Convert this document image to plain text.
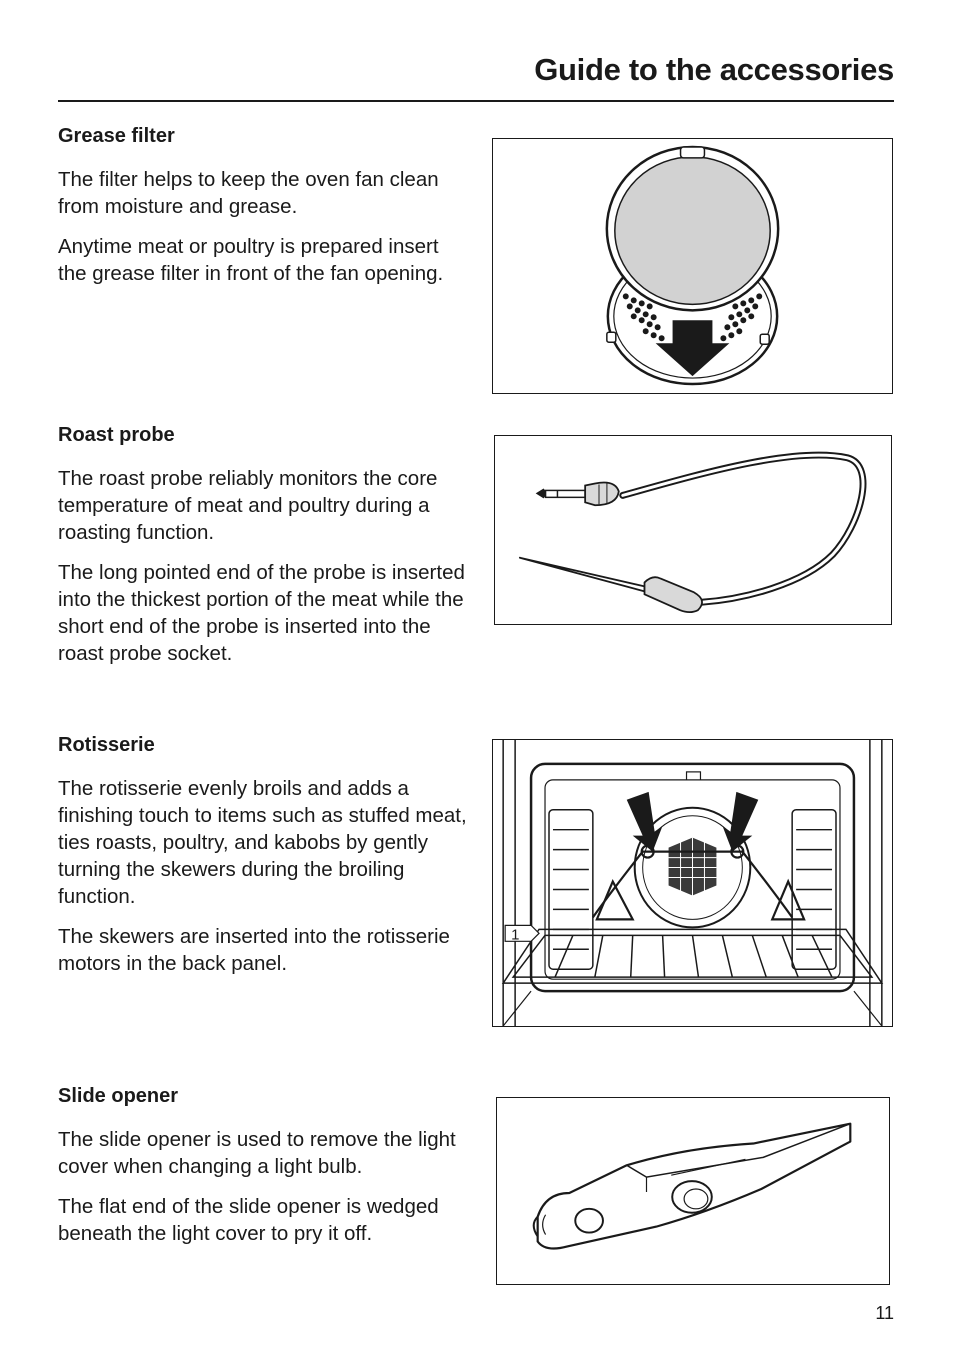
Guide to the accessories
Grease filter

The filter helps to keep the oven fan clean from moisture and grease.

Anytime meat or poultry is prepared insert the grease filter in front of the fan opening.

Roast probe

The roast probe reliably monitors the core temperature of meat and poultry during a roasting function.

The long pointed end of the probe is inserted into the thickest portion of the meat while the short end of the probe is inserted into the roast probe socket.

Rotisserie

The rotisserie evenly broils and adds a finishing touch to items such as stuffed meat, ties roasts, poultry, and kabobs by gently turning the skewers during the broiling function.

The skewers are inserted into the rotisserie motors in the back panel.

1
Slide opener

The slide opener is used to remove the light cover when changing a light bulb.

The flat end of the slide opener is wedged beneath the light cover to pry it off.

11
